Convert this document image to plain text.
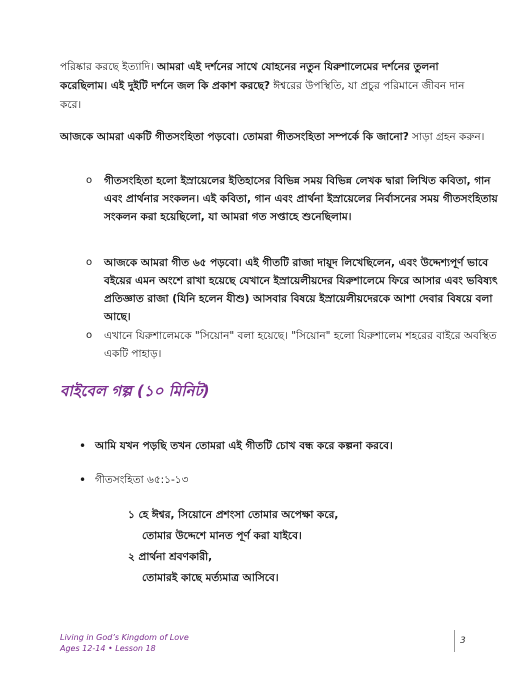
পরিষ্কার করছে ইত্যাদি। আমরা এই দর্শনের সাথে যোহনের নতুন যিরুশালেমের দর্শনের তুলনা করেছিলাম। এই দুইটি দর্শনে জল কি প্রকাশ করছে? ঈশ্বরের উপস্থিতি, যা প্রচুর পরিমানে জীবন দান করে।
আজকে আমরা একটি গীতসংহিতা পড়বো। তোমরা গীতসংহিতা সম্পর্কে কি জানো? সাড়া গ্রহন করুন।
o গীতসংহিতা হলো ইস্রায়েলের ইতিহাসের বিভিন্ন সময় বিভিন্ন লেখক দ্বারা লিখিত কবিতা, গান এবং প্রার্থনার সংকলন। এই কবিতা, গান এবং প্রার্থনা ইস্রায়েলের নির্বাসনের সময় গীতসংহিতায় সংকলন করা হয়েছিলো, যা আমরা গত সপ্তাহে শুনেছিলাম।
o আজকে আমরা গীত ৬৫ পড়বো। এই গীতটি রাজা দায়ূদ লিখেছিলেন, এবং উদ্দেশ্যপূর্ণ ভাবে বইয়ের এমন অংশে রাখা হয়েছে যেখানে ইস্রায়েলীয়দের যিরুশালেমে ফিরে আসার এবং ভবিষ্যৎ প্রতিজ্ঞাত রাজা (যিনি হলেন যীশু) আসবার বিষয়ে ইস্রায়েলীয়দেরকে আশা দেবার বিষয়ে বলা আছে।
o এখানে যিরুশালেমকে "সিয়োন" বলা হয়েছে। "সিয়োন" হলো যিরুশালেম শহরের বাইরে অবস্থিত একটি পাহাড়।
বাইবেল গল্প (১০ মিনিট)
• আমি যখন পড়ছি তখন তোমরা এই গীতটি চোখ বন্ধ করে কল্পনা করবে।
• গীতসংহিতা ৬৫:১-১৩
১ হে ঈশ্বর, সিয়োনে প্রশংসা তোমার অপেক্ষা করে,
তোমার উদ্দেশে মানত পূর্ণ করা যাইবে।
২ প্রার্থনা শ্রবণকারী,
তোমারই কাছে মর্ত্যমাত্র আসিবে।
Living in God’s Kingdom of Love
Ages 12-14 • Lesson 18
3
